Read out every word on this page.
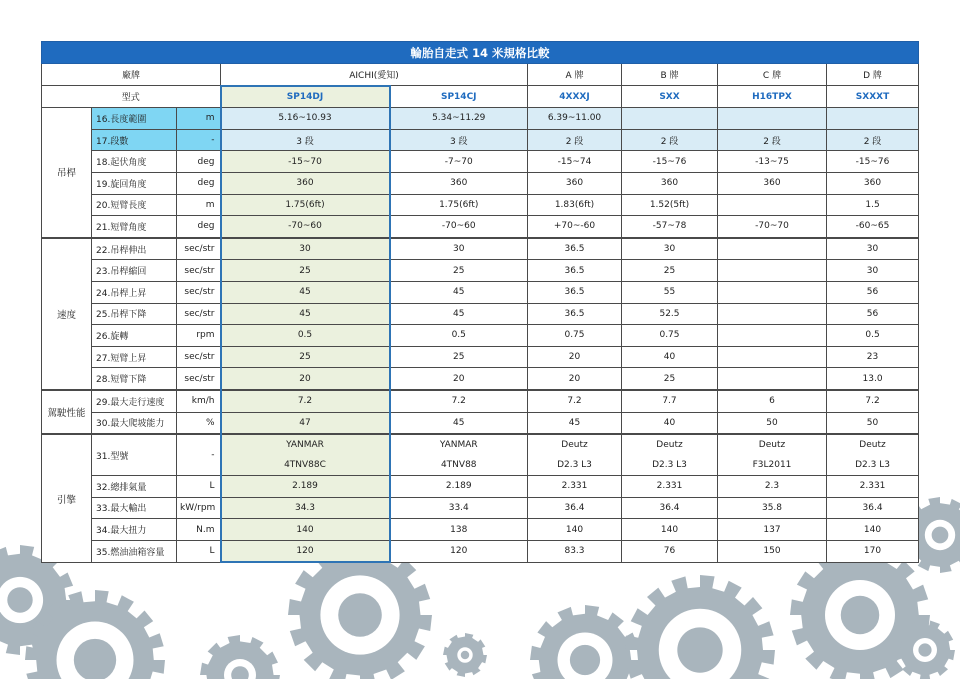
輪胎自走式 14 米規格比較								
廠牌			AICHI(愛知)		A 牌	B 牌	C 牌	D 牌
型式			SP14DJ	SP14CJ	4XXXJ	SXX	H16TPX	SXXXT
吊桿	16.長度範圍	m	5.16~10.93	5.34~11.29	6.39~11.00			
	17.段數	-	3 段	3 段	2 段	2 段	2 段	2 段
	18.起伏角度	deg	-15~70	-7~70	-15~74	-15~76	-13~75	-15~76
	19.旋回角度	deg	360	360	360	360	360	360
	20.短臂長度	m	1.75(6ft)	1.75(6ft)	1.83(6ft)	1.52(5ft)		1.5
	21.短臂角度	deg	-70~60	-70~60	+70~-60	-57~78	-70~70	-60~65
速度	22.吊桿伸出	sec/str	30	30	36.5	30		30
	23.吊桿縮回	sec/str	25	25	36.5	25		30
	24.吊桿上昇	sec/str	45	45	36.5	55		56
	25.吊桿下降	sec/str	45	45	36.5	52.5		56
	26.旋轉	rpm	0.5	0.5	0.75	0.75		0.5
	27.短臂上昇	sec/str	25	25	20	40		23
	28.短臂下降	sec/str	20	20	20	25		13.0
駕駛性能	29.最大走行速度	km/h	7.2	7.2	7.2	7.7	6	7.2
	30.最大爬坡能力	%	47	45	45	40	50	50
引擎	31.型號	-	YANMAR	YANMAR	Deutz	Deutz	Deutz	Deutz
			4TNV88C	4TNV88	D2.3 L3	D2.3 L3	F3L2011	D2.3 L3
	32.總排氣量	L	2.189	2.189	2.331	2.331	2.3	2.331
	33.最大輸出	kW/rpm	34.3	33.4	36.4	36.4	35.8	36.4
	34.最大扭力	N.m	140	138	140	140	137	140
	35.燃油油箱容量	L	120	120	83.3	76	150	170
